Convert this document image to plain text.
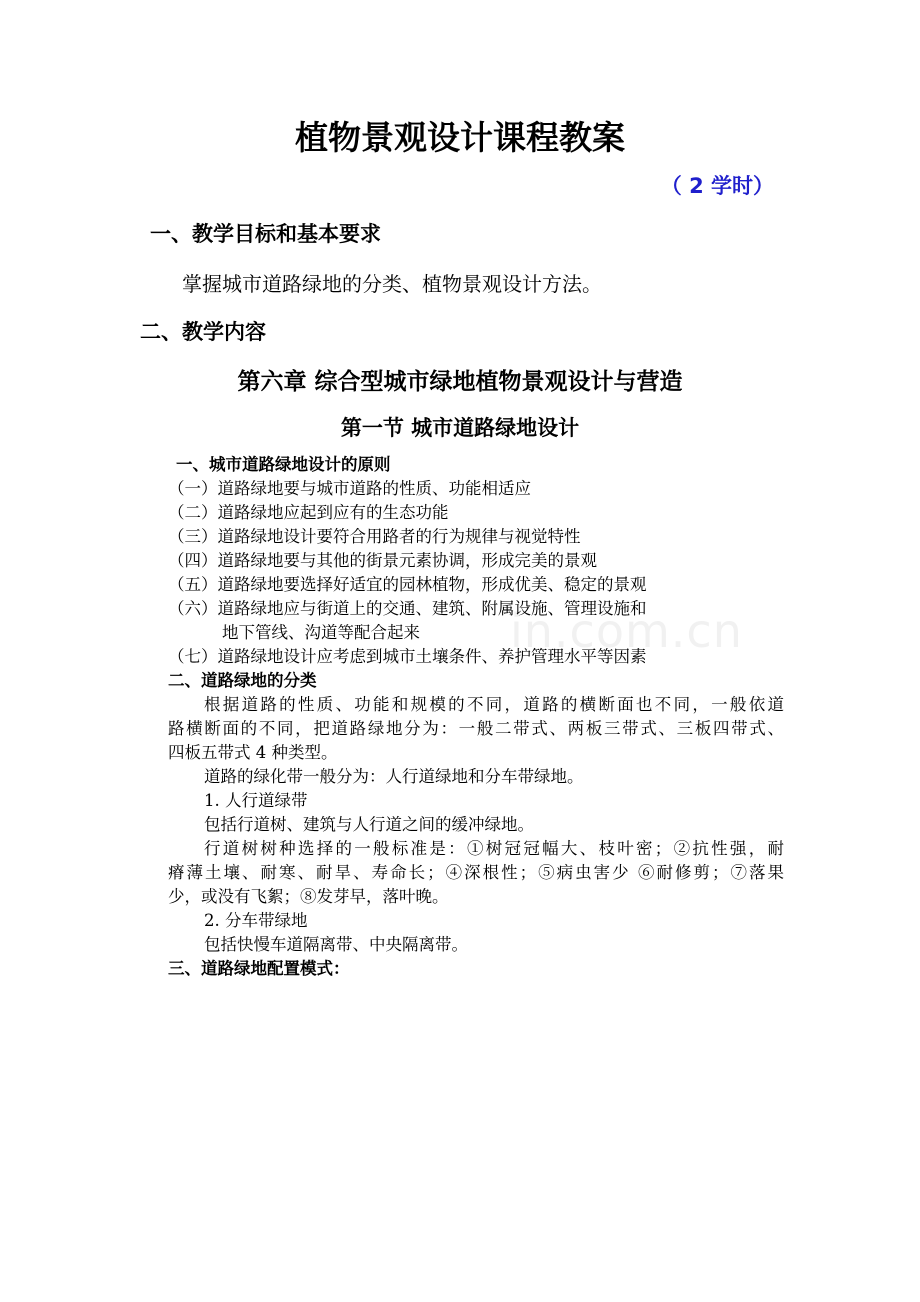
in.com.cn
植物景观设计课程教案
（ 2 学时）
一、教学目标和基本要求
掌握城市道路绿地的分类、植物景观设计方法。
二、教学内容
第六章 综合型城市绿地植物景观设计与营造
第一节 城市道路绿地设计
一、城市道路绿地设计的原则
（一）道路绿地要与城市道路的性质、功能相适应
（二）道路绿地应起到应有的生态功能
（三）道路绿地设计要符合用路者的行为规律与视觉特性
（四）道路绿地要与其他的街景元素协调，形成完美的景观
（五）道路绿地要选择好适宜的园林植物，形成优美、稳定的景观
（六）道路绿地应与街道上的交通、建筑、附属设施、管理设施和
地下管线、沟道等配合起来
（七）道路绿地设计应考虑到城市土壤条件、养护管理水平等因素
二、道路绿地的分类
根据道路的性质、功能和规模的不同，道路的横断面也不同，一般依道
路横断面的不同，把道路绿地分为：一般二带式、两板三带式、三板四带式、
四板五带式 4 种类型。
道路的绿化带一般分为：人行道绿地和分车带绿地。
1. 人行道绿带
包括行道树、建筑与人行道之间的缓冲绿地。
行道树树种选择的一般标准是：①树冠冠幅大、枝叶密；②抗性强，耐
瘠薄土壤、耐寒、耐旱、寿命长；④深根性；⑤病虫害少 ⑥耐修剪；⑦落果
少，或没有飞絮；⑧发芽早，落叶晚。
2. 分车带绿地
包括快慢车道隔离带、中央隔离带。
三、道路绿地配置模式：
